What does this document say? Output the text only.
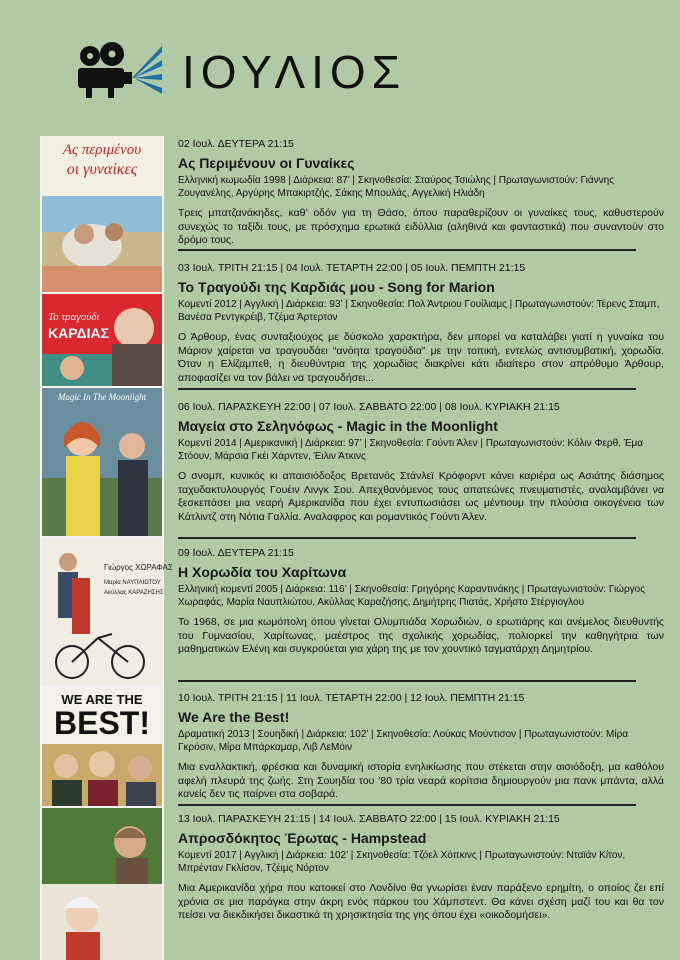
ΙΟΥΛΙΟΣ
Ας περιμένου
οι γυναίκες
Το τραγούδι
ΚΑΡΔΙΑΣ
Magic In The Moonlight
Γιώργος ΧΩΡΑΦΑΣ
Μαρία ΝΑΥΠΛΙΩΤΟΥ
Ακύλλας ΚΑΡΑΖΗΣΗΣ
WE ARE THE
BEST!
02 Ιουλ. ΔΕΥΤΕΡΑ 21:15
Ας Περιμένουν οι Γυναίκες
Ελληνική κωμωδία 1998 | Διάρκεια: 87’ | Σκηνοθεσία: Σταύρος Τσιώλης | Πρωταγωνιστούν: Γιάννης Ζουγανέλης, Αργύρης Μπακιρτζής, Σάκης Μπουλάς, Αγγελική Ηλιάδη
Τρεις μπατζανάκηδες, καθ’ οδόν για τη Θάσο, όπου παραθερίζουν οι γυναίκες τους, καθυστερούν συνεχώς το ταξίδι τους, με πρόσχημα ερωτικά ειδύλλια (αληθινά και φανταστικά) που συναντούν στο δρόμο τους.
03 Ιουλ. ΤΡΙΤΗ 21:15 | 04 Ιουλ. ΤΕΤΑΡΤΗ 22:00 | 05 Ιουλ. ΠΕΜΠΤΗ 21:15
Το Τραγούδι της Καρδιάς μου - Song for Marion
Κομεντί 2012 | Αγγλική | Διάρκεια: 93’ | Σκηνοθεσία: Πολ Άντριου Γουίλιαμς | Πρωταγωνιστούν: Τέρενς Σταμπ, Βανέσα Ρεντγκρέιβ, Τζέμα Άρτερτον
Ο Άρθουρ, ένας συνταξιούχος με δύσκολο χαρακτήρα, δεν μπορεί να καταλάβει γιατί η γυναίκα του Μάριον χαίρεται να τραγουδάει “ανόητα τραγούδια” με την τοπική, εντελώς αντισυμβατική, χορωδία. Όταν η Ελίζαμπεθ, η διευθύντρια της χορωδίας διακρίνει κάτι ιδιαίτερο στον απρόθυμο Άρθουρ, αποφασίζει να τον βάλει να τραγουδήσει...
06 Ιουλ. ΠΑΡΑΣΚΕΥΗ 22:00 | 07 Ιουλ. ΣΑΒΒΑΤΟ 22:00 | 08 Ιουλ. ΚΥΡΙΑΚΗ 21:15
Μαγεία στο Σεληνόφως - Magic in the Moonlight
Κομεντί 2014 | Αμερικανική | Διάρκεια: 97’ | Σκηνοθεσία: Γούντι Άλεν | Πρωταγωνιστούν: Κόλιν Φερθ, Έμα Στόουν, Μάρσια Γκέι Χάρντεν, Έιλιν Άτκινς
Ο σνομπ, κυνικός κι απαισιόδοξος Βρετανός Στάνλεϊ Κρόφορντ κάνει καριέρα ως Ασιάτης διάσημος ταχυδακτυλουργός Γουέιν Λινγκ Σου. Απεχθανόμενος τους απατεώνες πνευματιστές, αναλαμβάνει να ξεσκεπάσει μια νεαρή Αμερικανίδα που έχει εντυπωσιάσει ως μέντιουμ την πλούσια οικογένεια των Κάτλιντζ στη Νότια Γαλλία. Αναλαφρος και ρομαντικός Γούντι Άλεν.
09 Ιουλ. ΔΕΥΤΕΡΑ 21:15
Η Χορωδία του Χαρίτωνα
Ελληνική κομεντί 2005 | Διάρκεια: 116’ | Σκηνοθεσία: Γρηγόρης Καραντινάκης | Πρωταγωνιστούν: Γιώργος Χωραφάς, Μαρία Ναυπλιώτου, Ακύλλας Καραζήσης, Δημήτρης Πιατάς, Χρήστο Στέργιογλου
Το 1968, σε μια κωμόπολη όπου γίνεται Ολυμπιάδα Χορωδιών, ο ερωτιάρης και ανέμελος διευθυντής του Γυμνασίου, Χαρίτωνας, μαέστρος της σχολικής χορωδίας, πολιορκεί την καθηγήτρια των μαθηματικών Ελένη και συγκρούεται για χάρη της με τον χουντικό ταγματάρχη Δημητρίου.
10 Ιουλ. ΤΡΙΤΗ 21:15 | 11 Ιουλ. ΤΕΤΑΡΤΗ 22:00 | 12 Ιουλ. ΠΕΜΠΤΗ 21:15
We Are the Best!
Δραματική 2013 | Σουηδική | Διάρκεια: 102’ | Σκηνοθεσία: Λούκας Μούντισον | Πρωταγωνιστούν: Μίρα Γκρόσιν, Μίρα Μπάρκαμαρ, Λιβ ΛεΜόιν
Μια εναλλακτική, φρέσκια και δυναμική ιστορία ενηλικίωσης που στέκεται στην αισιόδοξη, μα καθόλου αφελή πλευρά της ζωής. Στη Σουηδία του ’80 τρία νεαρά κορίτσια δημιουργούν μια πανκ μπάντα, αλλά κανείς δεν τις παίρνει στα σοβαρά.
13 Ιουλ. ΠΑΡΑΣΚΕΥΗ 21:15 | 14 Ιουλ. ΣΑΒΒΑΤΟ 22:00 | 15 Ιουλ. ΚΥΡΙΑΚΗ 21:15
Απροσδόκητος Έρωτας - Hampstead
Κομεντί 2017 | Αγγλική | Διάρκεια: 102’ | Σκηνοθεσία: Τζόελ Χόπκινς | Πρωταγωνιστούν: Νταϊάν Κίτον, Μπρένταν Γκλίσον, Τζέιμς Νόρτον
Μια Αμερικανίδα χήρα που κατοικεί στο Λονδίνο θα γνωρίσει έναν παράξενο ερημίτη, ο οποίος ζει επί χρόνια σε μια παράγκα στην άκρη ενός πάρκου του Χάμπστεντ. Θα κάνει σχέση μαζί του και θα τον πείσει να διεκδικήσει δικαστικά τη χρησικτησία της γης όπου έχει «οικοδομήσει».
